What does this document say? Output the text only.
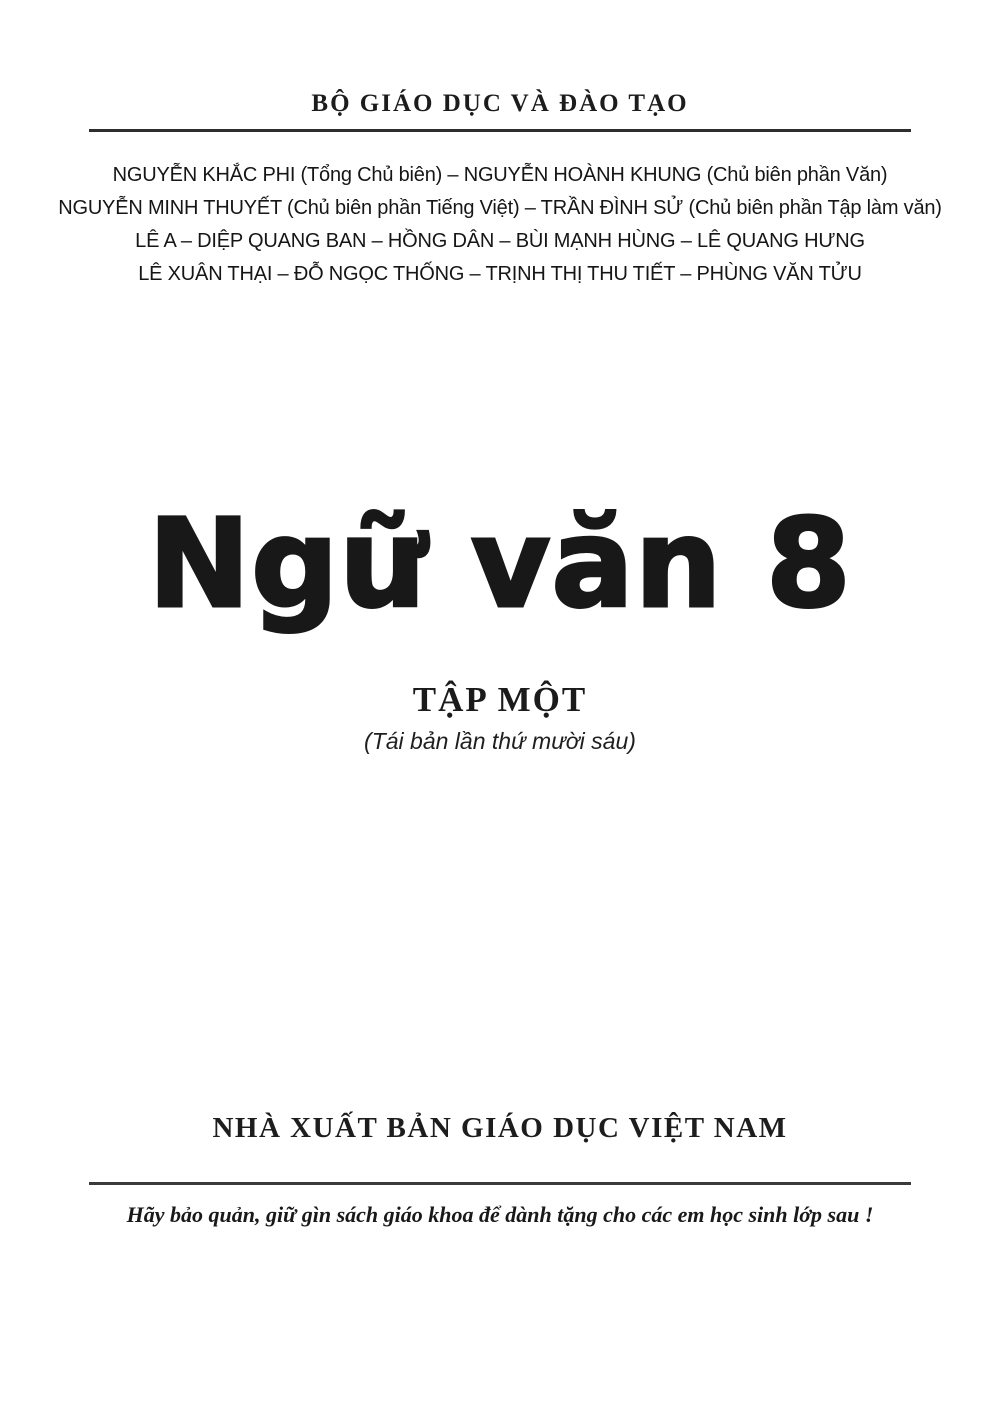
BỘ GIÁO DỤC VÀ ĐÀO TẠO
NGUYỄN KHẮC PHI (Tổng Chủ biên) – NGUYỄN HOÀNH KHUNG (Chủ biên phần Văn)
NGUYỄN MINH THUYẾT (Chủ biên phần Tiếng Việt) – TRẦN ĐÌNH SỬ (Chủ biên phần Tập làm văn)
LÊ A – DIỆP QUANG BAN – HỒNG DÂN – BÙI MẠNH HÙNG – LÊ QUANG HƯNG
LÊ XUÂN THẠI – ĐỖ NGỌC THỐNG – TRỊNH THỊ THU TIẾT – PHÙNG VĂN TỬU
Ngữ văn 8
TẬP MỘT
(Tái bản lần thứ mười sáu)
NHÀ XUẤT BẢN GIÁO DỤC VIỆT NAM
Hãy bảo quản, giữ gìn sách giáo khoa để dành tặng cho các em học sinh lớp sau !
